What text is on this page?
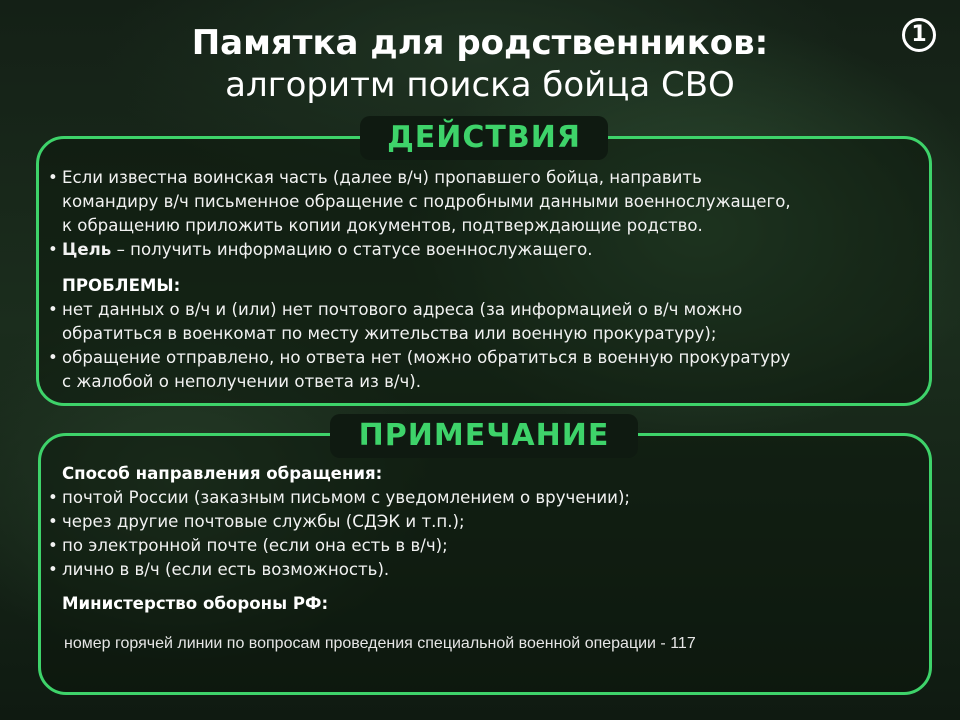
Памятка для родственников:
алгоритм поиска бойца СВО
1
ДЕЙСТВИЯ
• Если известна воинская часть (далее в/ч) пропавшего бойца, направить
командиру в/ч письменное обращение с подробными данными военнослужащего,
к обращению приложить копии документов, подтверждающие родство.
• Цель – получить информацию о статусе военнослужащего.
ПРОБЛЕМЫ:
• нет данных о в/ч и (или) нет почтового адреса (за информацией о в/ч можно
обратиться в военкомат по месту жительства или военную прокуратуру);
• обращение отправлено, но ответа нет (можно обратиться в военную прокуратуру
с жалобой о неполучении ответа из в/ч).
ПРИМЕЧАНИЕ
Способ направления обращения:
• почтой России (заказным письмом с уведомлением о вручении);
• через другие почтовые службы (СДЭК и т.п.);
• по электронной почте (если она есть в в/ч);
• лично в в/ч (если есть возможность).
Министерство обороны РФ:
номер горячей линии по вопросам проведения специальной военной операции - 117
